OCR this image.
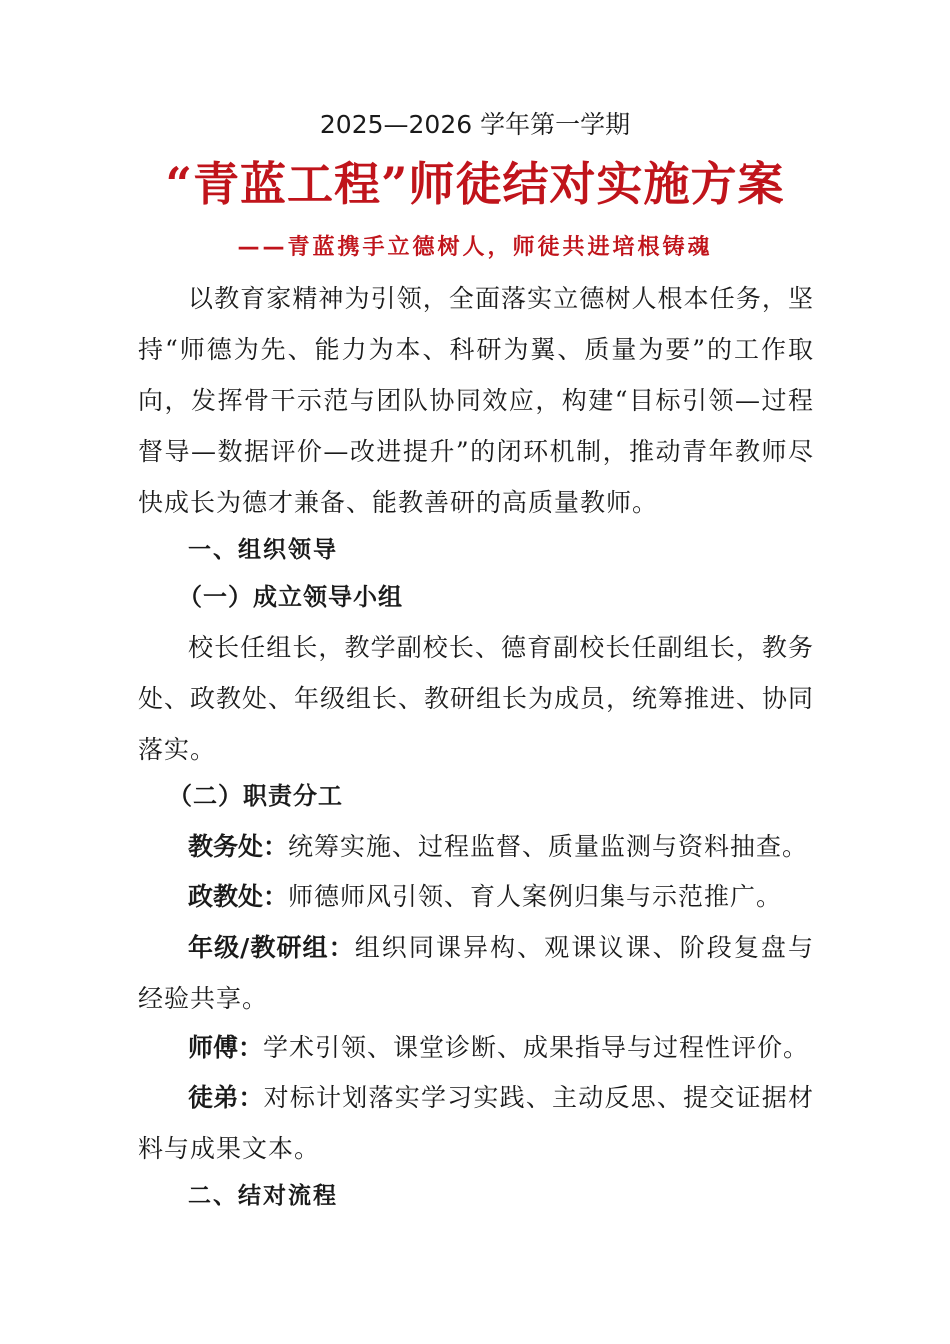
2025—2026 学年第一学期
“青蓝工程”师徒结对实施方案
——青蓝携手立德树人，师徒共进培根铸魂
以教育家精神为引领，全面落实立德树人根本任务，坚持“师德为先、能力为本、科研为翼、质量为要”的工作取向，发挥骨干示范与团队协同效应，构建“目标引领—过程督导—数据评价—改进提升”的闭环机制，推动青年教师尽快成长为德才兼备、能教善研的高质量教师。
一、组织领导
（一）成立领导小组
校长任组长，教学副校长、德育副校长任副组长，教务处、政教处、年级组长、教研组长为成员，统筹推进、协同落实。
（二）职责分工
教务处：统筹实施、过程监督、质量监测与资料抽查。
政教处：师德师风引领、育人案例归集与示范推广。
年级/教研组：组织同课异构、观课议课、阶段复盘与经验共享。
师傅：学术引领、课堂诊断、成果指导与过程性评价。
徒弟：对标计划落实学习实践、主动反思、提交证据材料与成果文本。
二、结对流程
